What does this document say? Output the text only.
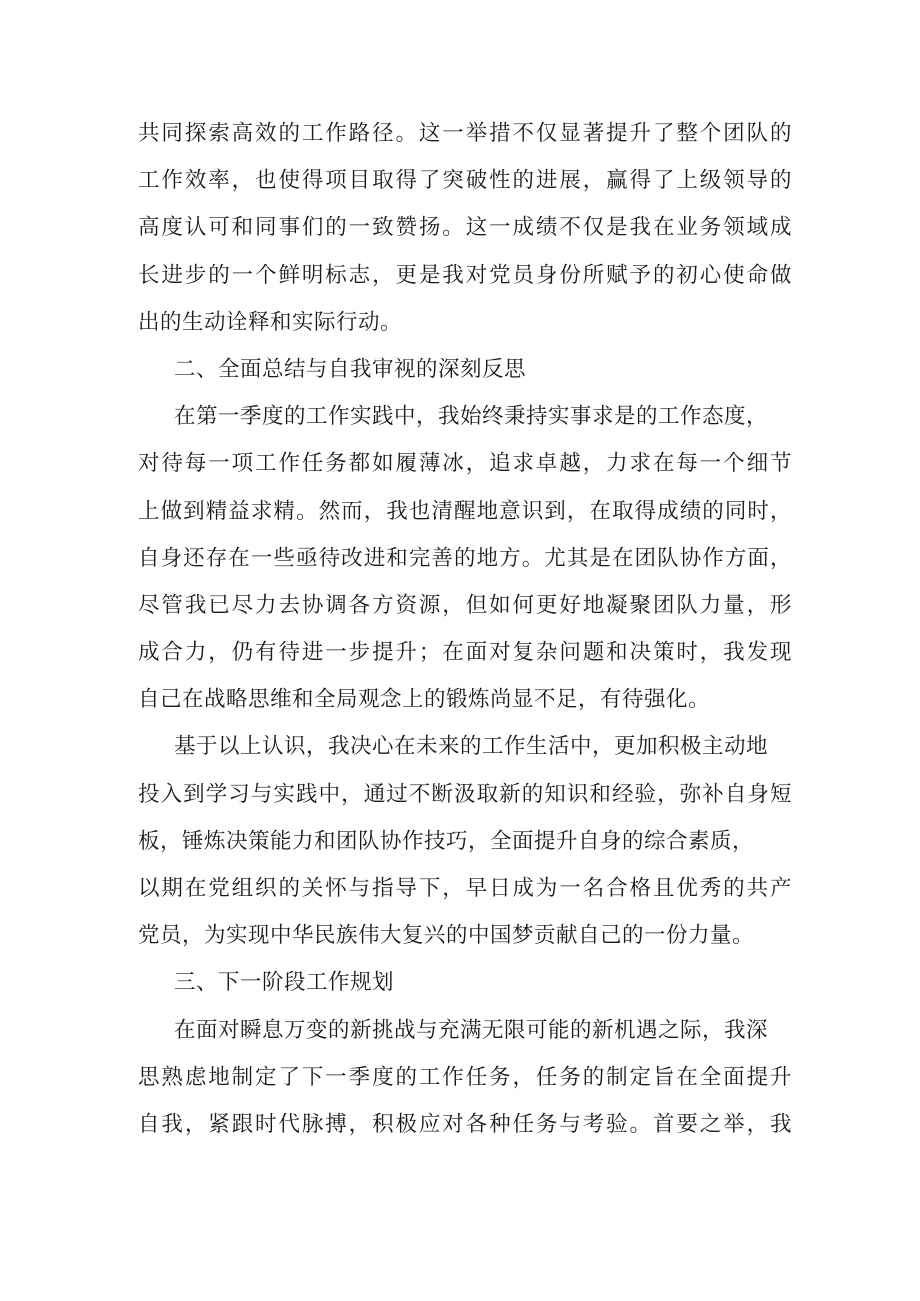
共同探索高效的工作路径。这一举措不仅显著提升了整个团队的
工作效率，也使得项目取得了突破性的进展，赢得了上级领导的
高度认可和同事们的一致赞扬。这一成绩不仅是我在业务领域成
长进步的一个鲜明标志，更是我对党员身份所赋予的初心使命做
出的生动诠释和实际行动。
二、全面总结与自我审视的深刻反思
在第一季度的工作实践中，我始终秉持实事求是的工作态度，
对待每一项工作任务都如履薄冰，追求卓越，力求在每一个细节
上做到精益求精。然而，我也清醒地意识到，在取得成绩的同时，
自身还存在一些亟待改进和完善的地方。尤其是在团队协作方面，
尽管我已尽力去协调各方资源，但如何更好地凝聚团队力量，形
成合力，仍有待进一步提升；在面对复杂问题和决策时，我发现
自己在战略思维和全局观念上的锻炼尚显不足，有待强化。
基于以上认识，我决心在未来的工作生活中，更加积极主动地
投入到学习与实践中，通过不断汲取新的知识和经验，弥补自身短
板，锤炼决策能力和团队协作技巧，全面提升自身的综合素质，
以期在党组织的关怀与指导下，早日成为一名合格且优秀的共产
党员，为实现中华民族伟大复兴的中国梦贡献自己的一份力量。
三、下一阶段工作规划
在面对瞬息万变的新挑战与充满无限可能的新机遇之际，我深
思熟虑地制定了下一季度的工作任务，任务的制定旨在全面提升
自我，紧跟时代脉搏，积极应对各种任务与考验。首要之举，我
